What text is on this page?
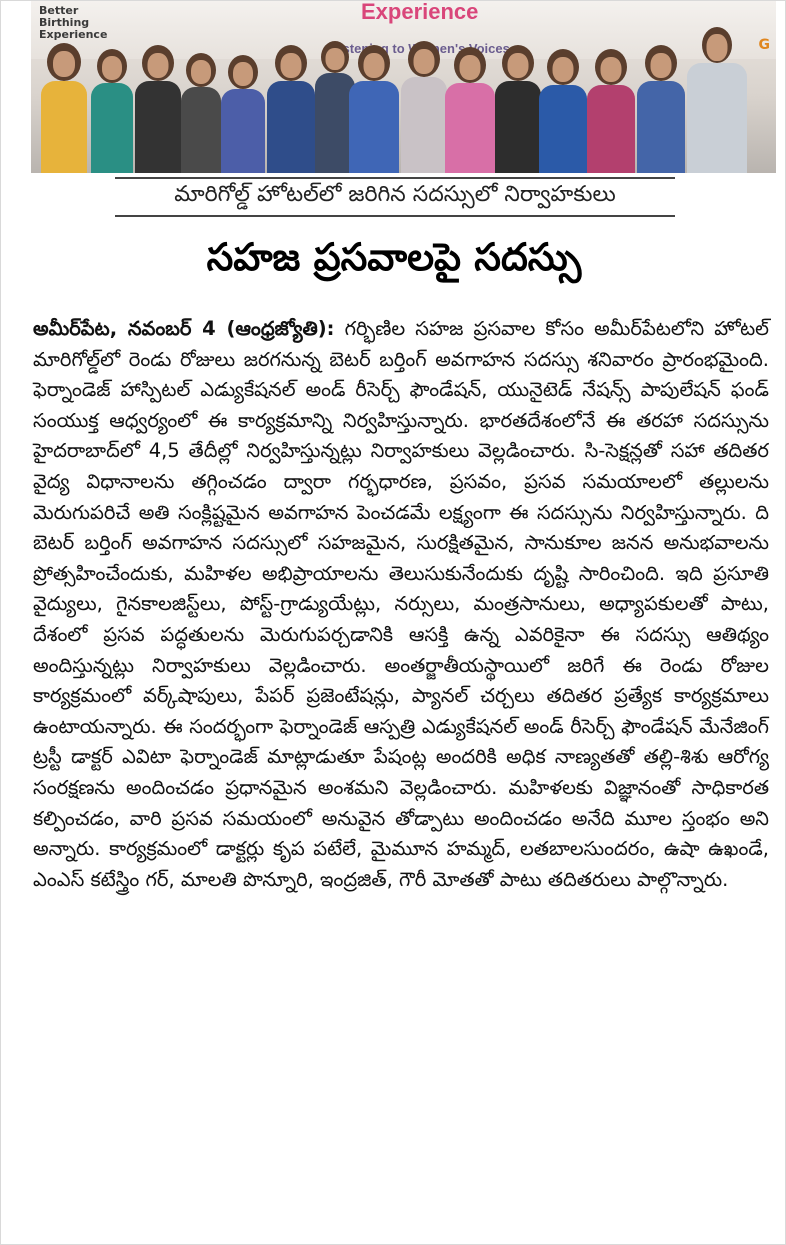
Better Birthing Experience
Experience
Listening to Voices	G
మారిగోల్డ్ హోటల్‌లో జరిగిన సదస్సులో నిర్వాహకులు
సహజ ప్రసవాలపై సదస్సు
అమీర్‌పేట, నవంబర్ 4 (ఆంధ్రజ్యోతి): గర్భిణిల సహజ ప్రసవాల కోసం అమీర్‌పేటలోని హోటల్ మారిగోల్డ్‌లో రెండు రోజులు జరగనున్న బెటర్ బర్తింగ్ అవగాహన సదస్సు శనివారం ప్రారంభమైంది. ఫెర్నాండెజ్ హాస్పిటల్ ఎడ్యుకేషనల్ అండ్ రీసెర్చ్ ఫౌండేషన్, యునైటెడ్ నేషన్స్ పాపులేషన్ ఫండ్ సంయుక్త ఆధ్వర్యంలో ఈ కార్యక్రమాన్ని నిర్వహిస్తున్నారు. భారతదేశంలోనే ఈ తరహా సదస్సును హైదరాబాద్‌లో 4,5 తేదీల్లో నిర్వహిస్తున్నట్లు నిర్వాహకులు వెల్లడించారు. సి-సెక్షన్లతో సహా తదితర వైద్య విధానాలను తగ్గించడం ద్వారా గర్భధారణ, ప్రసవం, ప్రసవ సమయాలలో తల్లులను మెరుగుపరిచే అతి సంక్లిష్టమైన అవగాహన పెంచడమే లక్ష్యంగా ఈ సదస్సును నిర్వహిస్తున్నారు. ది బెటర్ బర్తింగ్ అవగాహన సదస్సులో సహజమైన, సురక్షితమైన, సానుకూల జనన అనుభవాలను ప్రోత్సహించేందుకు, మహిళల అభిప్రాయాలను తెలుసుకునేందుకు దృష్టి సారించింది. ఇది ప్రసూతి వైద్యులు, గైనకాలజిస్ట్‌లు, పోస్ట్-గ్రాడ్యుయేట్లు, నర్సులు, మంత్రసానులు, అధ్యాపకులతో పాటు, దేశంలో ప్రసవ పద్ధతులను మెరుగుపర్చడానికి ఆసక్తి ఉన్న ఎవరికైనా ఈ సదస్సు ఆతిథ్యం అందిస్తున్నట్లు నిర్వాహకులు వెల్లడించారు. అంతర్జాతీయస్థాయిలో జరిగే ఈ రెండు రోజుల కార్యక్రమంలో వర్క్‌షాపులు, పేపర్ ప్రజెంటేషన్లు, ప్యానల్ చర్చలు తదితర ప్రత్యేక కార్యక్రమాలు ఉంటాయన్నారు. ఈ సందర్భంగా ఫెర్నాండెజ్ ఆస్పత్రి ఎడ్యుకేషనల్ అండ్ రీసెర్చ్ ఫౌండేషన్ మేనేజింగ్ ట్రస్టీ డాక్టర్ ఎవిటా ఫెర్నాండెజ్ మాట్లాడుతూ పేషంట్ల అందరికి అధిక నాణ్యతతో తల్లి-శిశు ఆరోగ్య సంరక్షణను అందించడం ప్రధానమైన అంశమని వెల్లడించారు. మహిళలకు విజ్ఞానంతో సాధికారత కల్పించడం, వారి ప్రసవ సమయంలో అనువైన తోడ్పాటు అందించడం అనేది మూల స్తంభం అని అన్నారు. కార్యక్రమంలో డాక్టర్లు కృప పటేలే, మైమూన హమ్మద్, లతబాలసుందరం, ఉషా ఉఖండే, ఎంఎస్ కటేస్త్రిం గర్, మాలతి పొన్నూరి, ఇంద్రజిత్, గౌరీ మోతతో పాటు తదితరులు పాల్గొన్నారు.
